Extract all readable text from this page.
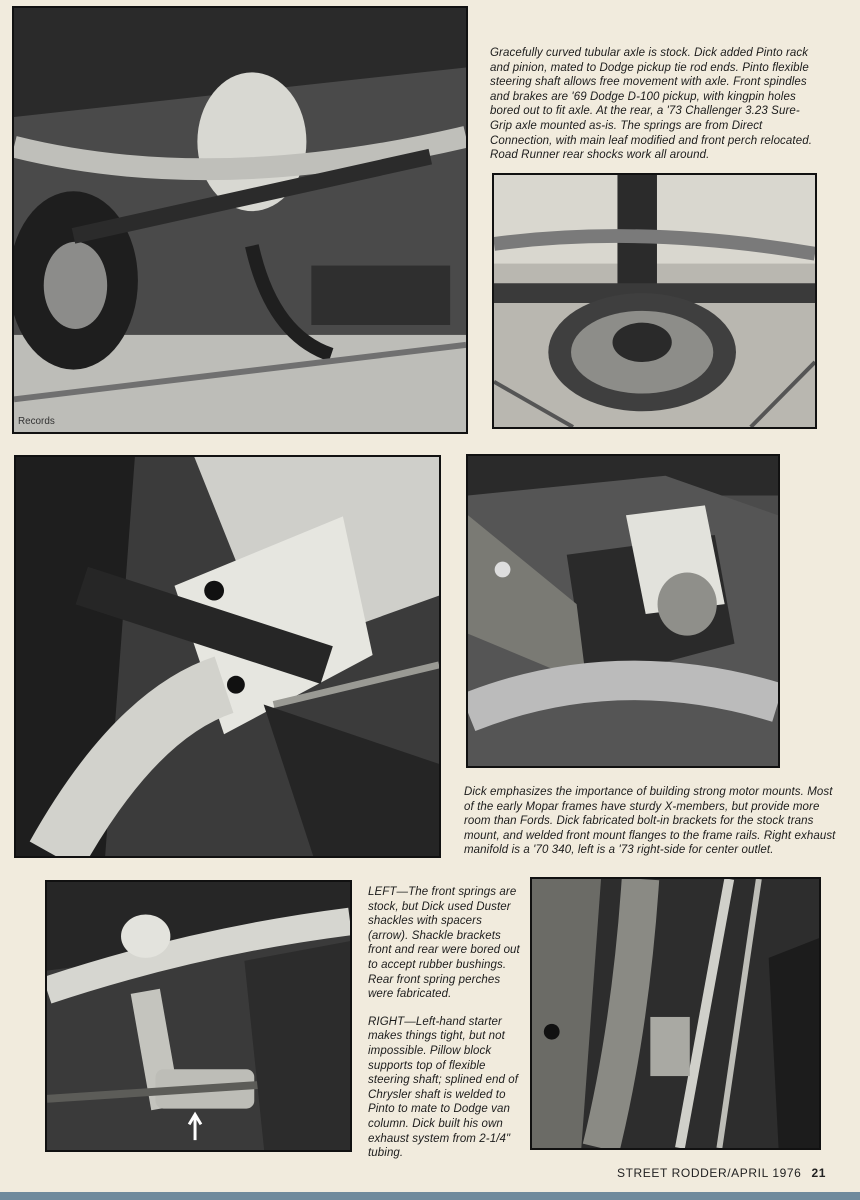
Records

Gracefully curved tubular axle is stock. Dick added Pinto rack and pinion, mated to Dodge pickup tie rod ends. Pinto flexible steering shaft allows free movement with axle. Front spindles and brakes are '69 Dodge D-100 pickup, with kingpin holes bored out to fit axle. At the rear, a '73 Challenger 3.23 Sure-Grip axle mounted as-is. The springs are from Direct Connection, with main leaf modified and front perch relocated. Road Runner rear shocks work all around.

Dick emphasizes the importance of building strong motor mounts. Most of the early Mopar frames have sturdy X-members, but provide more room than Fords. Dick fabricated bolt-in brackets for the stock trans mount, and welded front mount flanges to the frame rails. Right exhaust manifold is a '70 340, left is a '73 right-side for center outlet.

LEFT—The front springs are stock, but Dick used Duster shackles with spacers (arrow). Shackle brackets front and rear were bored out to accept rubber bushings. Rear front spring perches were fabricated.

RIGHT—Left-hand starter makes things tight, but not impossible. Pillow block supports top of flexible steering shaft; splined end of Chrysler shaft is welded to Pinto to mate to Dodge van column. Dick built his own exhaust system from 2-1/4" tubing.

STREET RODDER/APRIL 1976 21
